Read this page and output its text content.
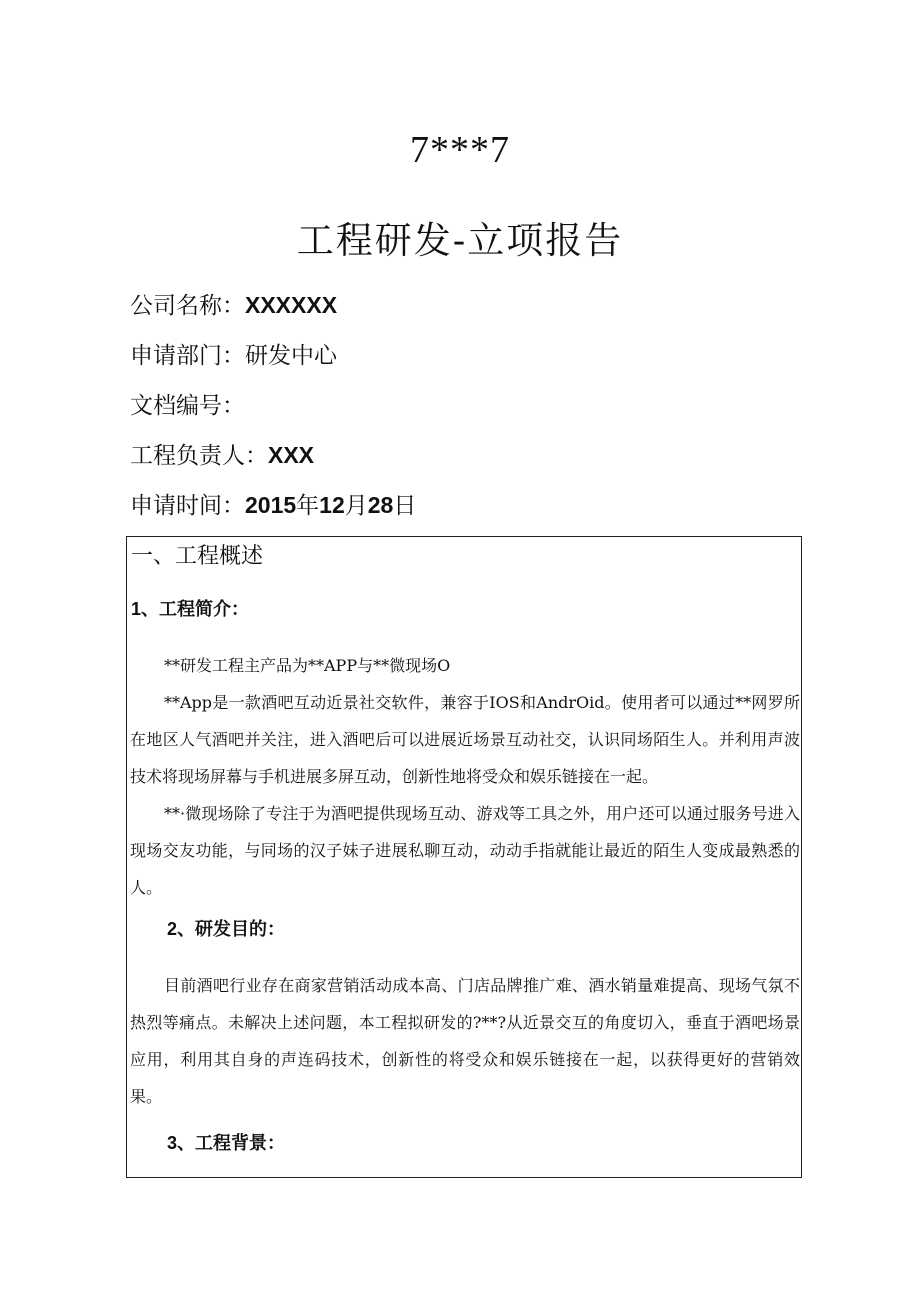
7***7
工程研发-立项报告
公司名称：XXXXXX
申请部门：研发中心
文档编号：
工程负责人：XXX
申请时间：2015年12月28日
一、工程概述
1、工程简介：

**研发工程主产品为**APP与**微现场O

**App是一款酒吧互动近景社交软件，兼容于IOS和AndrOid。使用者可以通过**网罗所在地区人气酒吧并关注，进入酒吧后可以进展近场景互动社交，认识同场陌生人。并利用声波技术将现场屏幕与手机进展多屏互动，创新性地将受众和娱乐链接在一起。

**·微现场除了专注于为酒吧提供现场互动、游戏等工具之外，用户还可以通过服务号进入现场交友功能，与同场的汉子妹子进展私聊互动，动动手指就能让最近的陌生人变成最熟悉的人。

2、研发目的：

目前酒吧行业存在商家营销活动成本高、门店品牌推广难、酒水销量难提高、现场气氛不热烈等痛点。未解决上述问题，本工程拟研发的?**?从近景交互的角度切入，垂直于酒吧场景应用，利用其自身的声连码技术，创新性的将受众和娱乐链接在一起，以获得更好的营销效果。

3、工程背景：
